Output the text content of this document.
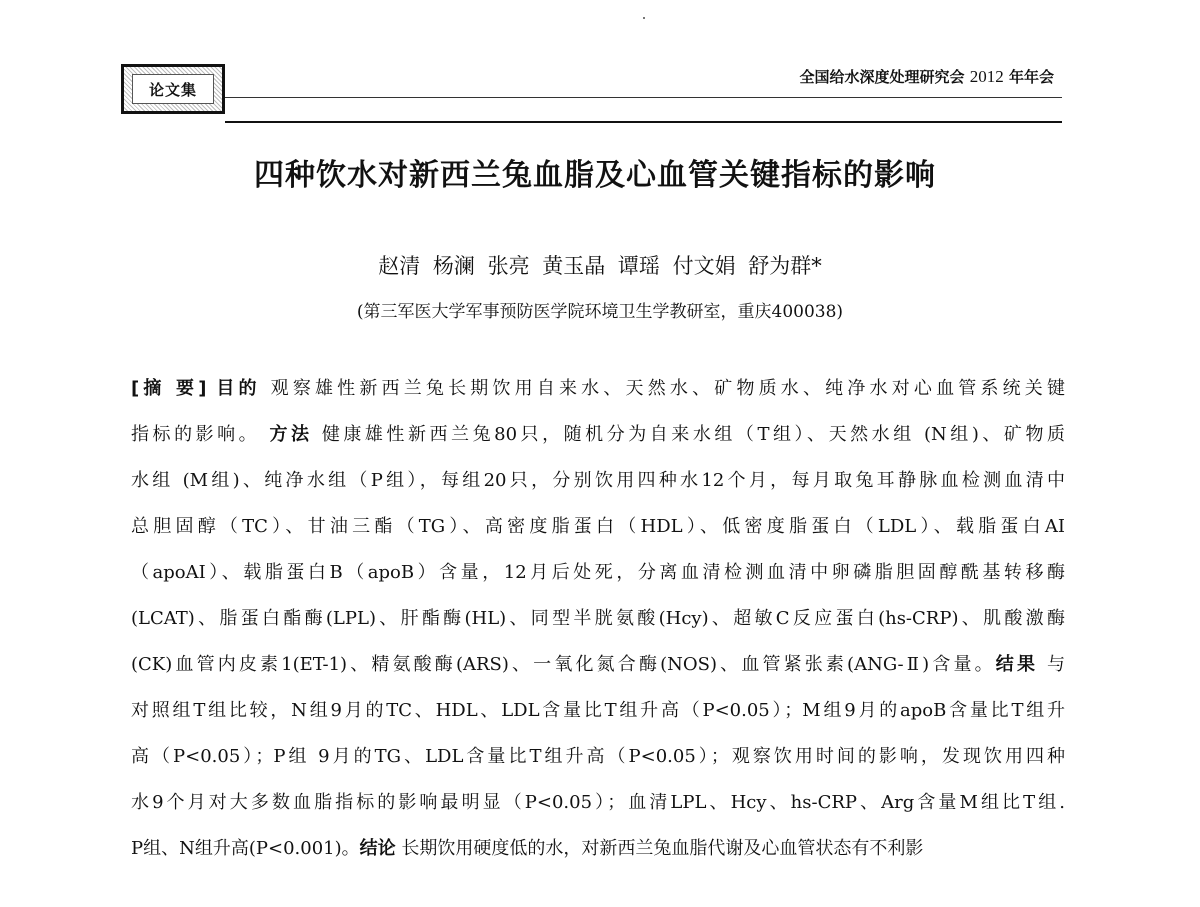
论文集
全国给水深度处理研究会 2012 年年会
四种饮水对新西兰兔血脂及心血管关键指标的影响
赵清 杨澜 张亮 黄玉晶 谭瑶 付文娟 舒为群*
(第三军医大学军事预防医学院环境卫生学教研室，重庆400038)
[摘 要] 目的 观察雄性新西兰兔长期饮用自来水、天然水、矿物质水、纯净水对心血管系统关键
指标的影响。 方法 健康雄性新西兰兔80只，随机分为自来水组（T组）、天然水组 (N组)、矿物质
水组 (M组)、纯净水组（P组），每组20只，分别饮用四种水12个月，每月取兔耳静脉血检测血清中
总胆固醇（TC）、甘油三酯（TG）、高密度脂蛋白（HDL）、低密度脂蛋白（LDL）、载脂蛋白AI
（apoAI）、载脂蛋白B（apoB）含量，12月后处死，分离血清检测血清中卵磷脂胆固醇酰基转移酶
(LCAT)、脂蛋白酯酶(LPL)、肝酯酶(HL)、同型半胱氨酸(Hcy)、超敏C反应蛋白(hs-CRP)、肌酸激酶
(CK)血管内皮素1(ET-1)、精氨酸酶(ARS)、一氧化氮合酶(NOS)、血管紧张素(ANG-Ⅱ)含量。结果 与
对照组T组比较，N组9月的TC、HDL、LDL含量比T组升高（P<0.05）；M组9月的apoB含量比T组升
高（P<0.05）；P组 9月的TG、LDL含量比T组升高（P<0.05）；观察饮用时间的影响，发现饮用四种
水9个月对大多数血脂指标的影响最明显（P<0.05）；血清LPL、Hcy、hs-CRP、Arg含量M组比T组.
P组、N组升高(P<0.001)。结论 长期饮用硬度低的水，对新西兰兔血脂代谢及心血管状态有不利影
